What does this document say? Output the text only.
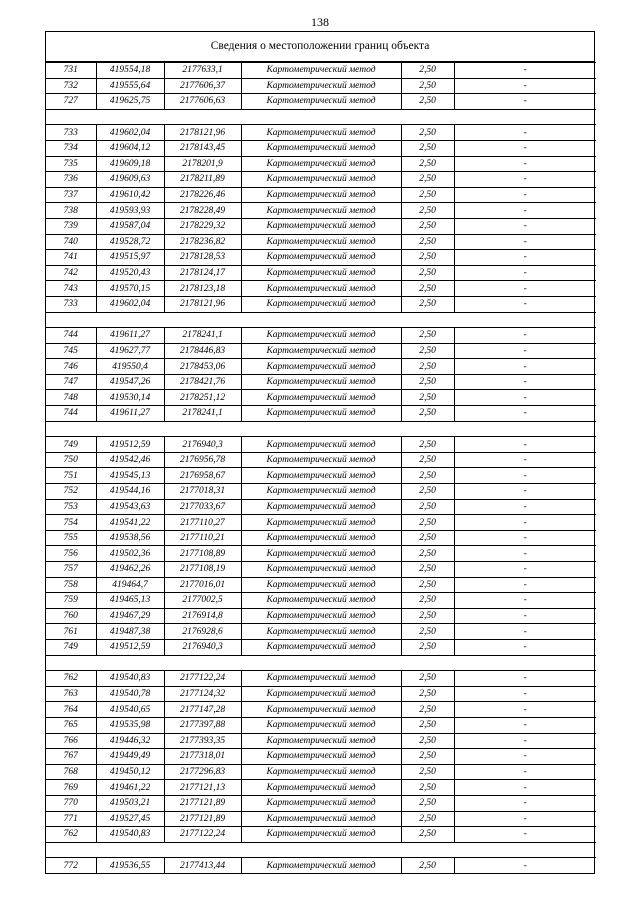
138
Сведения о местоположении границ объекта
731	419554,18	2177633,1	Картометрический метод	2,50	-
732	419555,64	2177606,37	Картометрический метод	2,50	-
727	419625,75	2177606,63	Картометрический метод	2,50	-

733	419602,04	2178121,96	Картометрический метод	2,50	-
734	419604,12	2178143,45	Картометрический метод	2,50	-
735	419609,18	2178201,9	Картометрический метод	2,50	-
736	419609,63	2178211,89	Картометрический метод	2,50	-
737	419610,42	2178226,46	Картометрический метод	2,50	-
738	419593,93	2178228,49	Картометрический метод	2,50	-
739	419587,04	2178229,32	Картометрический метод	2,50	-
740	419528,72	2178236,82	Картометрический метод	2,50	-
741	419515,97	2178128,53	Картометрический метод	2,50	-
742	419520,43	2178124,17	Картометрический метод	2,50	-
743	419570,15	2178123,18	Картометрический метод	2,50	-
733	419602,04	2178121,96	Картометрический метод	2,50	-

744	419611,27	2178241,1	Картометрический метод	2,50	-
745	419627,77	2178446,83	Картометрический метод	2,50	-
746	419550,4	2178453,06	Картометрический метод	2,50	-
747	419547,26	2178421,76	Картометрический метод	2,50	-
748	419530,14	2178251,12	Картометрический метод	2,50	-
744	419611,27	2178241,1	Картометрический метод	2,50	-

749	419512,59	2176940,3	Картометрический метод	2,50	-
750	419542,46	2176956,78	Картометрический метод	2,50	-
751	419545,13	2176958,67	Картометрический метод	2,50	-
752	419544,16	2177018,31	Картометрический метод	2,50	-
753	419543,63	2177033,67	Картометрический метод	2,50	-
754	419541,22	2177110,27	Картометрический метод	2,50	-
755	419538,56	2177110,21	Картометрический метод	2,50	-
756	419502,36	2177108,89	Картометрический метод	2,50	-
757	419462,26	2177108,19	Картометрический метод	2,50	-
758	419464,7	2177016,01	Картометрический метод	2,50	-
759	419465,13	2177002,5	Картометрический метод	2,50	-
760	419467,29	2176914,8	Картометрический метод	2,50	-
761	419487,38	2176928,6	Картометрический метод	2,50	-
749	419512,59	2176940,3	Картометрический метод	2,50	-

762	419540,83	2177122,24	Картометрический метод	2,50	-
763	419540,78	2177124,32	Картометрический метод	2,50	-
764	419540,65	2177147,28	Картометрический метод	2,50	-
765	419535,98	2177397,88	Картометрический метод	2,50	-
766	419446,32	2177393,35	Картометрический метод	2,50	-
767	419449,49	2177318,01	Картометрический метод	2,50	-
768	419450,12	2177296,83	Картометрический метод	2,50	-
769	419461,22	2177121,13	Картометрический метод	2,50	-
770	419503,21	2177121,89	Картометрический метод	2,50	-
771	419527,45	2177121,89	Картометрический метод	2,50	-
762	419540,83	2177122,24	Картометрический метод	2,50	-

772	419536,55	2177413,44	Картометрический метод	2,50	-
